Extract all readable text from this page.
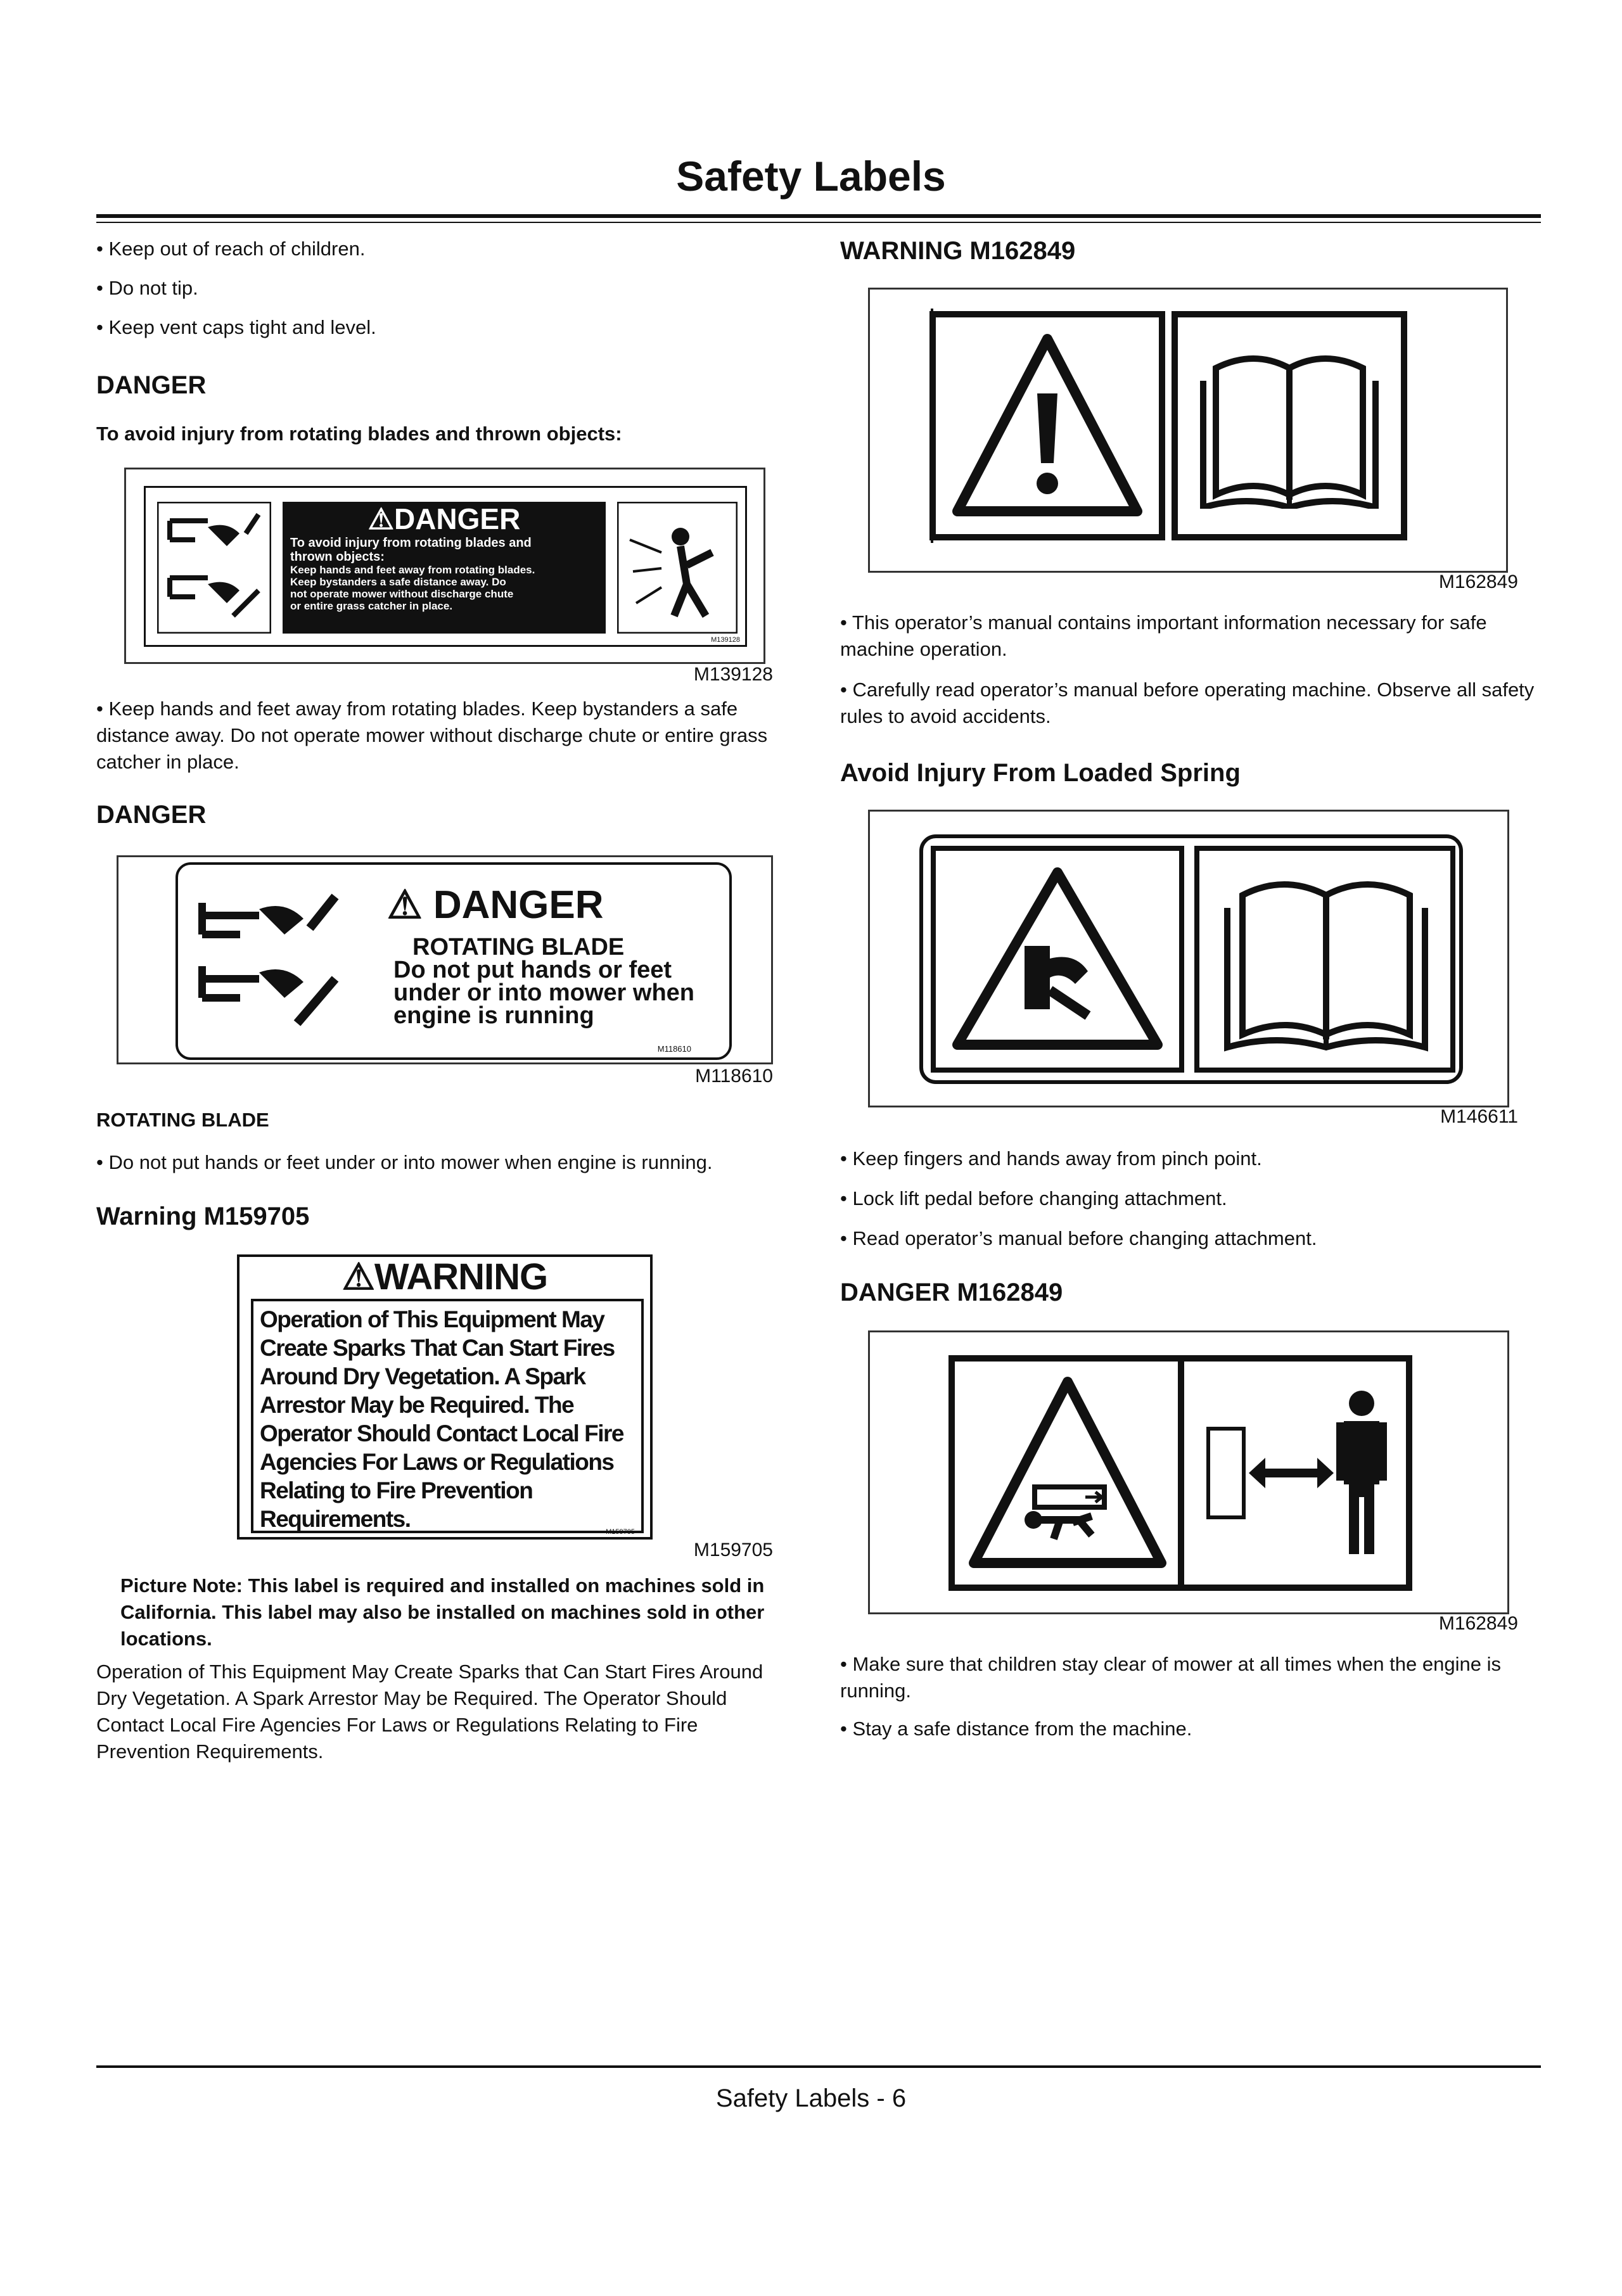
Safety Labels
• Keep out of reach of children.
• Do not tip.
• Keep vent caps tight and level.
DANGER
To avoid injury from rotating blades and thrown objects:
⚠DANGER
To avoid injury from rotating blades and
thrown objects:
Keep hands and feet away from rotating blades.
Keep bystanders a safe distance away. Do
not operate mower without discharge chute
or entire grass catcher in place.
M139128
M139128
• Keep hands and feet away from rotating blades. Keep bystanders a safe distance away. Do not operate mower without discharge chute or entire grass catcher in place.
DANGER
⚠ DANGER
ROTATING BLADE
Do not put hands or feet
under or into mower when
engine is running
M118610
M118610
ROTATING BLADE
• Do not put hands or feet under or into mower when engine is running.
Warning M159705
⚠WARNING
Operation of This Equipment May
Create Sparks That Can Start Fires
Around Dry Vegetation. A Spark
Arrestor May be Required. The
Operator Should Contact Local Fire
Agencies For Laws or Regulations
Relating to Fire Prevention
Requirements.	M159705
M159705
Picture Note: This label is required and installed on machines sold in California. This label may also be installed on machines sold in other locations.
Operation of This Equipment May Create Sparks that Can Start Fires Around Dry Vegetation. A Spark Arrestor May be Required. The Operator Should Contact Local Fire Agencies For Laws or Regulations Relating to Fire Prevention Requirements.
WARNING M162849
M162849
• This operator’s manual contains important information necessary for safe machine operation.
• Carefully read operator’s manual before operating machine. Observe all safety rules to avoid accidents.
Avoid Injury From Loaded Spring
M146611
• Keep fingers and hands away from pinch point.
• Lock lift pedal before changing attachment.
• Read operator’s manual before changing attachment.
DANGER M162849
M162849
• Make sure that children stay clear of mower at all times when the engine is running.
• Stay a safe distance from the machine.
Safety Labels - 6
